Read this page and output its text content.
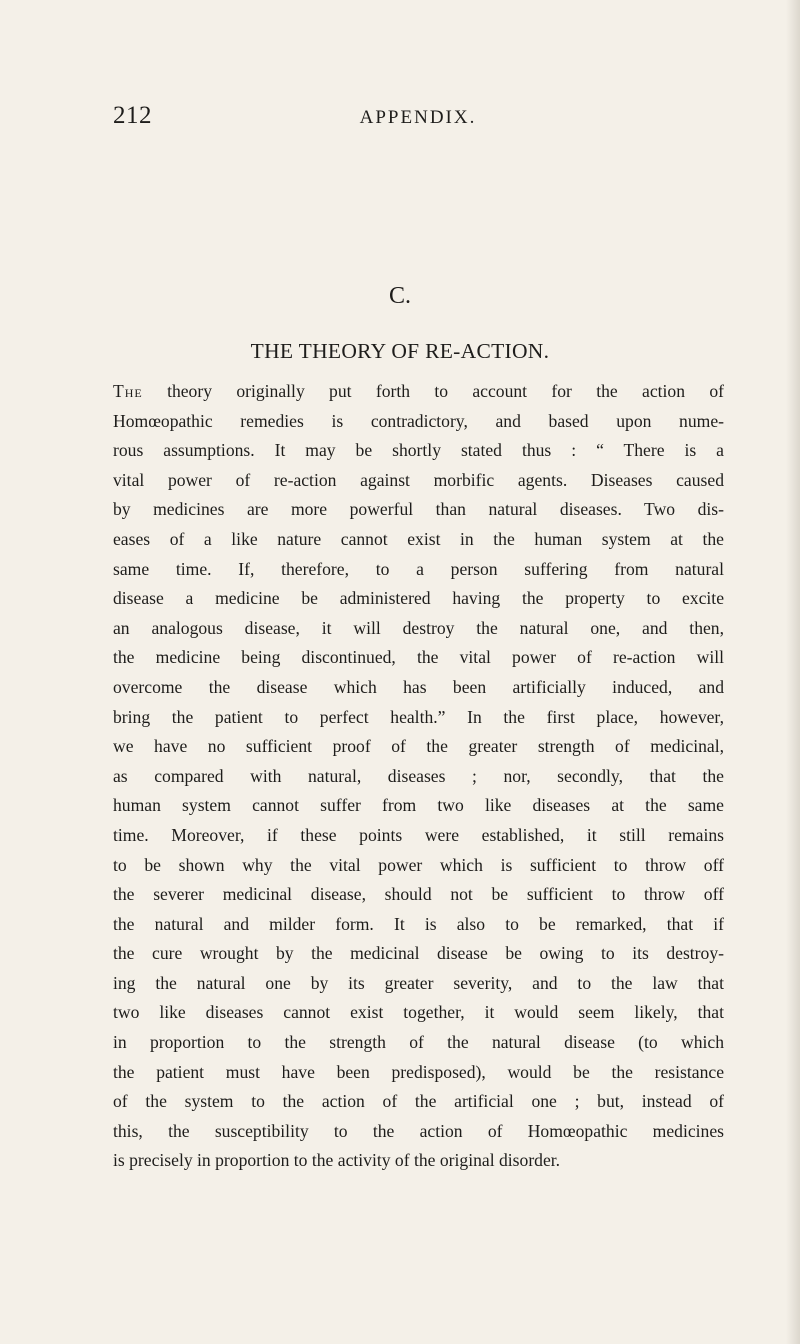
212	APPENDIX.
C.
THE THEORY OF RE-ACTION.
The theory originally put forth to account for the action of
Homœopathic remedies is contradictory, and based upon nume-
rous assumptions. It may be shortly stated thus : “ There is a
vital power of re-action against morbific agents. Diseases caused
by medicines are more powerful than natural diseases. Two dis-
eases of a like nature cannot exist in the human system at the
same time. If, therefore, to a person suffering from natural
disease a medicine be administered having the property to excite
an analogous disease, it will destroy the natural one, and then,
the medicine being discontinued, the vital power of re-action will
overcome the disease which has been artificially induced, and
bring the patient to perfect health.” In the first place, however,
we have no sufficient proof of the greater strength of medicinal,
as compared with natural, diseases ; nor, secondly, that the
human system cannot suffer from two like diseases at the same
time. Moreover, if these points were established, it still remains
to be shown why the vital power which is sufficient to throw off
the severer medicinal disease, should not be sufficient to throw off
the natural and milder form. It is also to be remarked, that if
the cure wrought by the medicinal disease be owing to its destroy-
ing the natural one by its greater severity, and to the law that
two like diseases cannot exist together, it would seem likely, that
in proportion to the strength of the natural disease (to which
the patient must have been predisposed), would be the resistance
of the system to the action of the artificial one ; but, instead of
this, the susceptibility to the action of Homœopathic medicines
is precisely in proportion to the activity of the original disorder.
